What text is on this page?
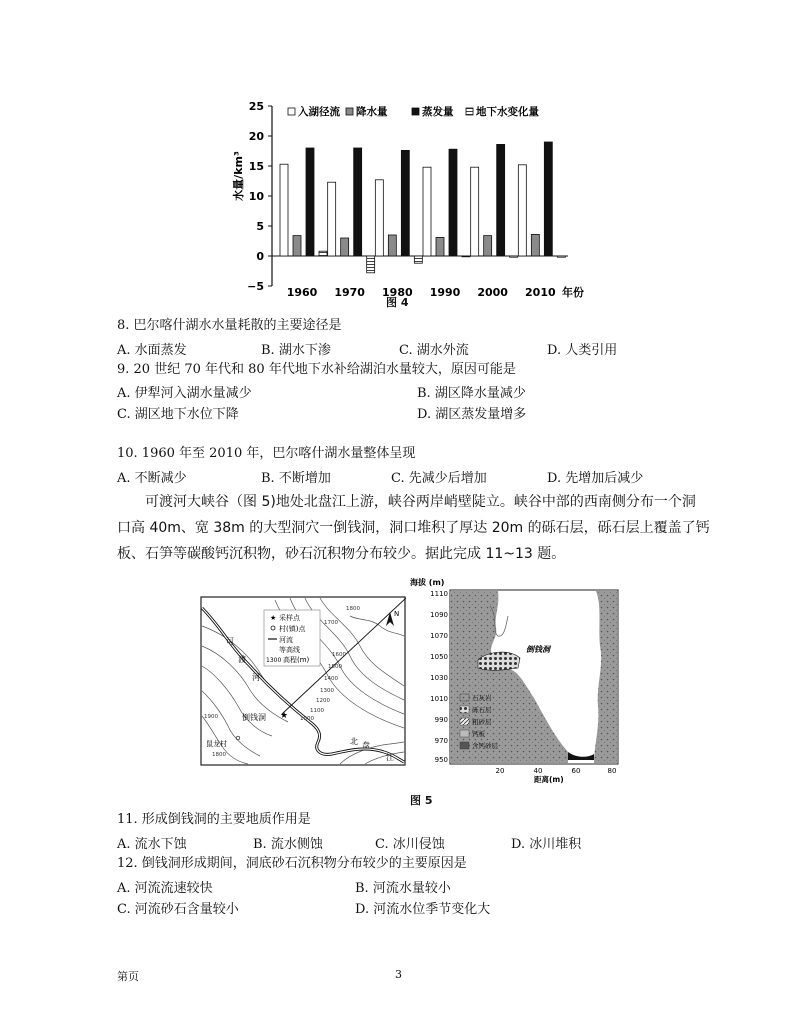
−5
0
5
10
15
20
25
水量/km³
1960 1970 1980 1990 2000 2010 年份
入湖径流 降水量	蒸发量 地下水变化量
图 4
8. 巴尔喀什湖水水量耗散的主要途径是
A. 水面蒸发	B. 湖水下渗	C. 湖水外流	D. 人类引用
9. 20 世纪 70 年代和 80 年代地下水补给湖泊水量较大，原因可能是
A. 伊犁河入湖水量减少	B. 湖区降水量减少
C. 湖区地下水位下降	D. 湖区蒸发量增多
10. 1960 年至 2010 年，巴尔喀什湖水量整体呈现
A. 不断减少	B. 不断增加	C. 先减少后增加	D. 先增加后减少
可渡河大峡谷（图 5)地处北盘江上游，峡谷两岸峭壁陡立。峡谷中部的西南侧分布一个洞
口高 40m、宽 38m 的大型洞穴一倒钱洞，洞口堆积了厚达 20m 的砾石层，砾石层上覆盖了钙
板、石笋等碳酸钙沉积物，砂石沉积物分布较少。据此完成 11~13 题。
★ 采样点
村(镇)点
河流
等高线
1300 高程(m)
N
可
渡
河
倒钱洞 ★
鼠龙村	北 盘
江
1700
1800
1600
1500
1400
1300
1200
1100
1000
1900
1800
海拔 (m)
1110
1090
1070
1050
1030
1010
990
970
950
倒钱洞
石灰岩
砾石层
粗砂层
钙板
含钙砂层
20	40	60	80
距离(m)
图 5
11. 形成倒钱洞的主要地质作用是
A. 流水下蚀	B. 流水侧蚀	C. 冰川侵蚀	D. 冰川堆积
12. 倒钱洞形成期间，洞底砂石沉积物分布较少的主要原因是
A. 河流流速较快	B. 河流水量较小
C. 河流砂石含量较小	D. 河流水位季节变化大
第页	3
